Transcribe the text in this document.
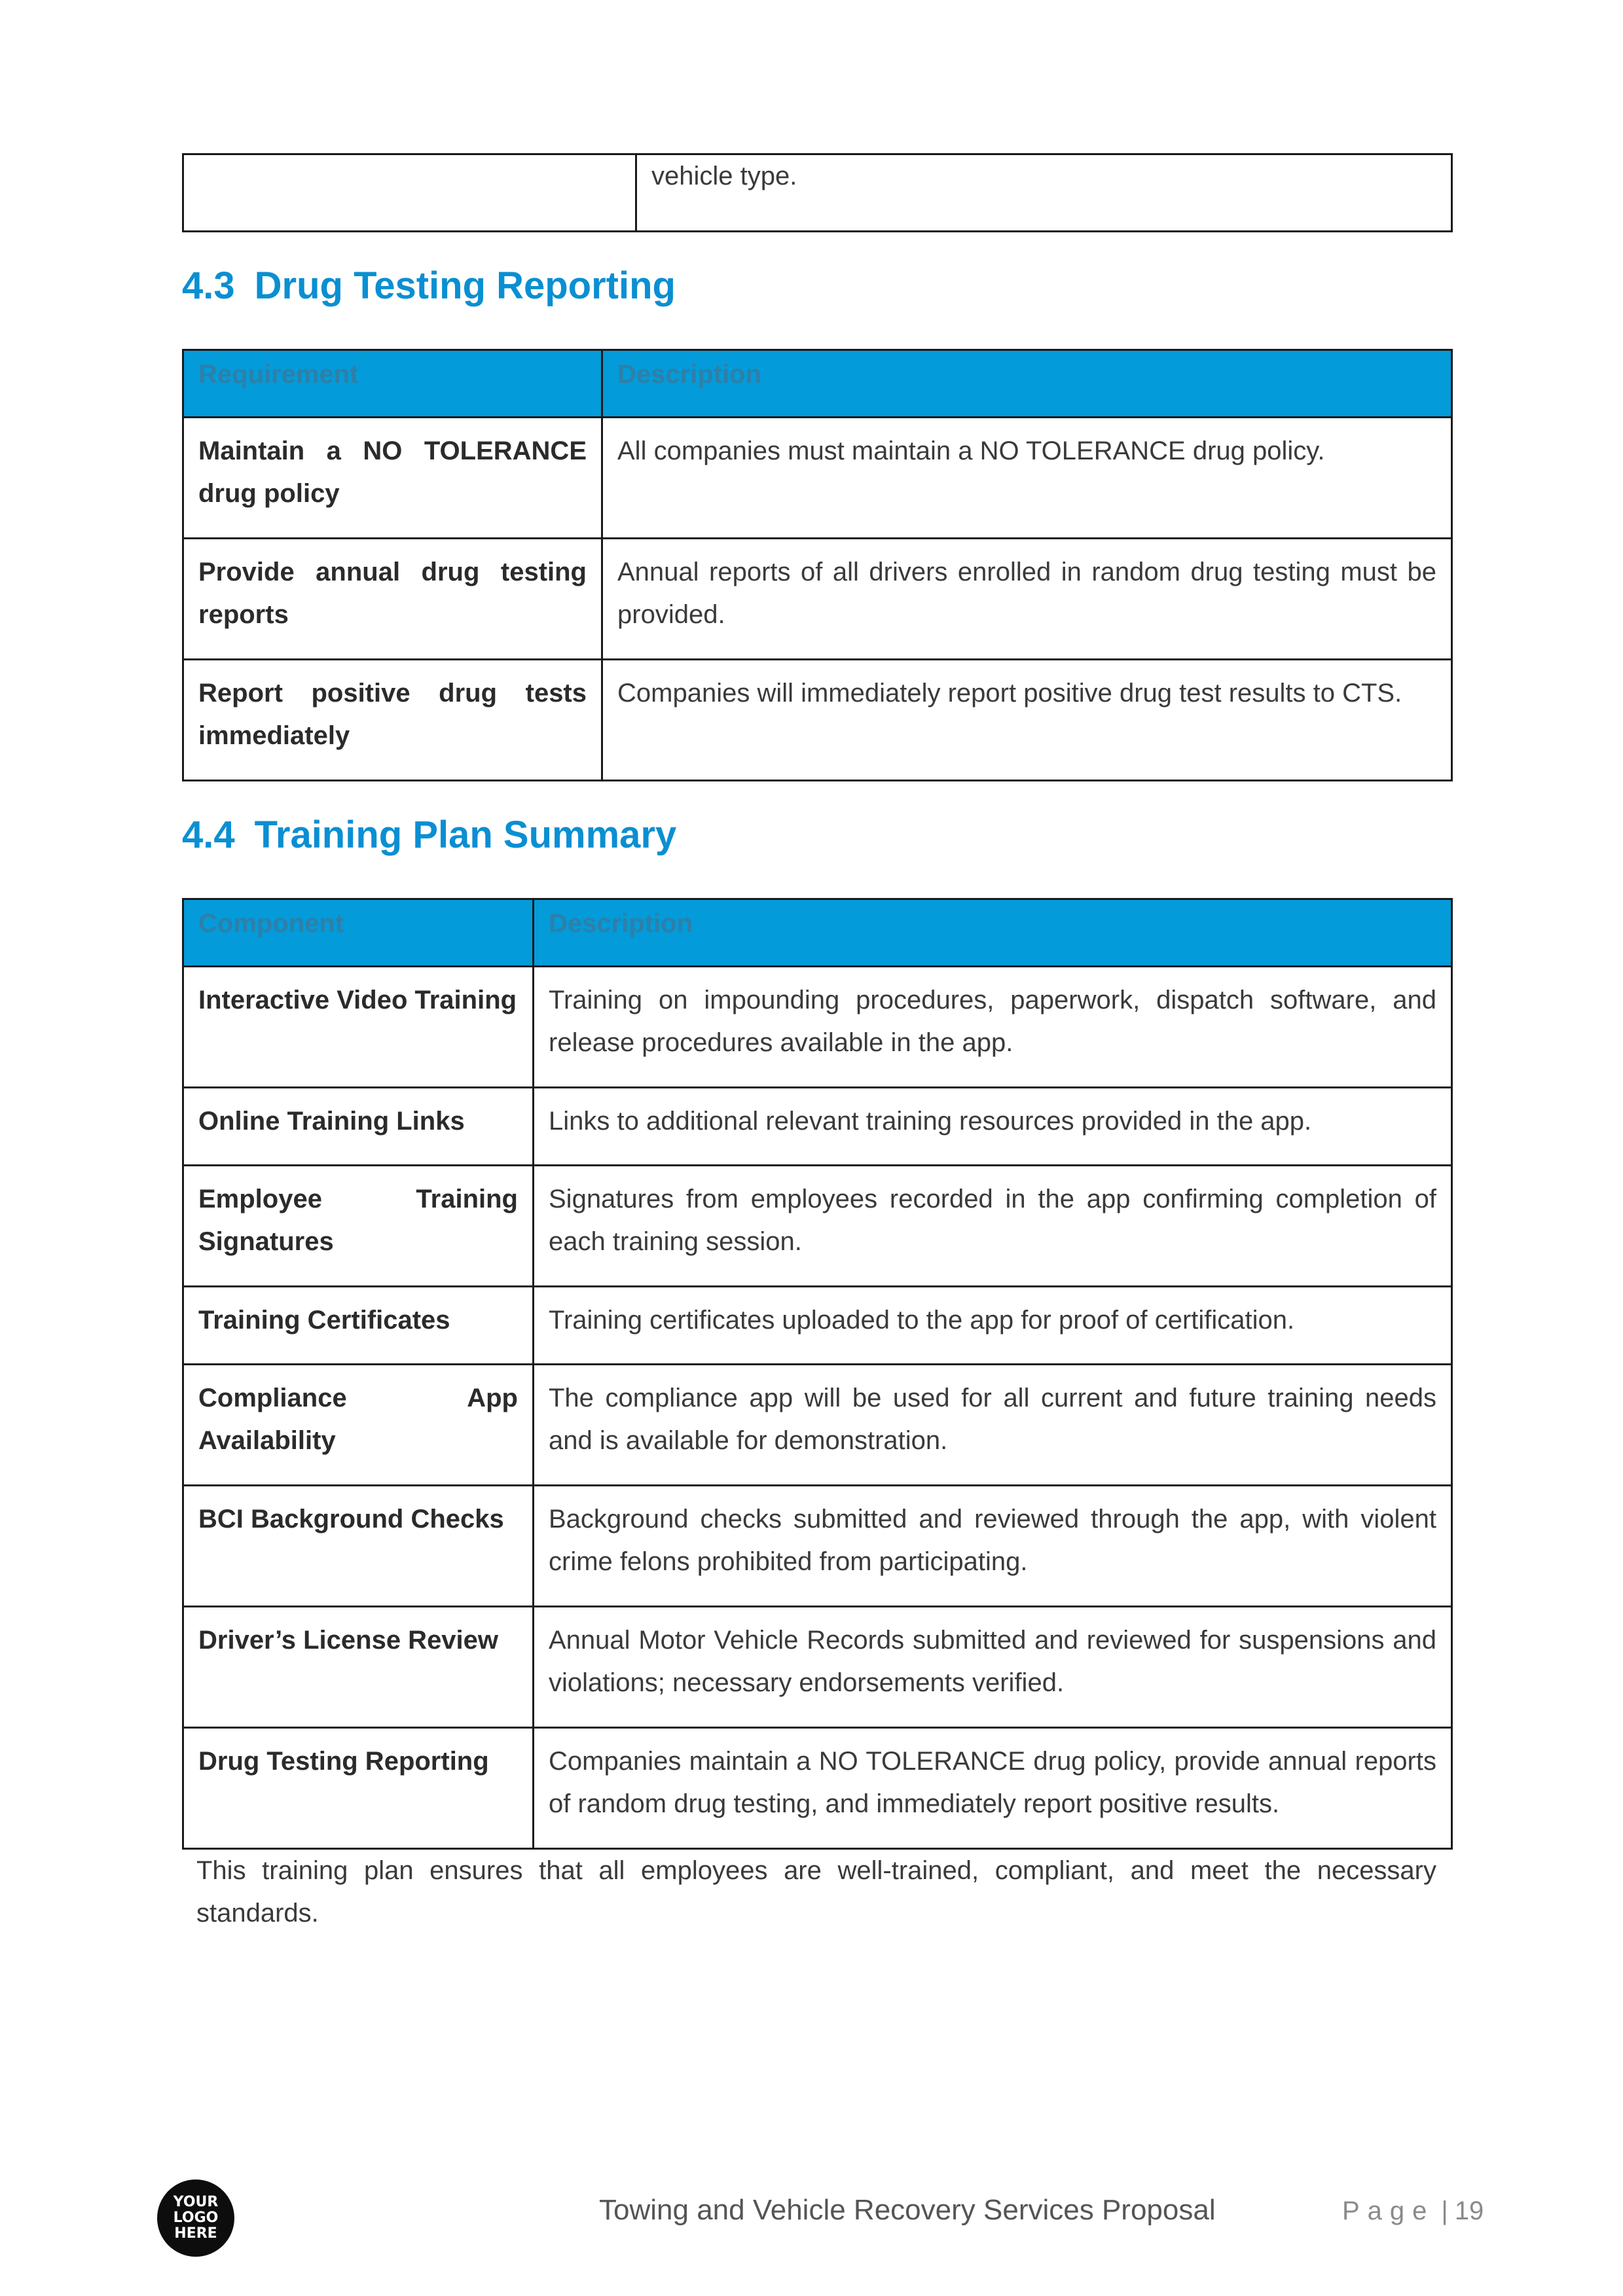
	vehicle type.
4.3 Drug Testing Reporting
Requirement	Description
Maintain a NO TOLERANCE drug policy	All companies must maintain a NO TOLERANCE drug policy.
Provide annual drug testing reports	Annual reports of all drivers enrolled in random drug testing must be provided.
Report positive drug tests immediately	Companies will immediately report positive drug test results to CTS.
4.4 Training Plan Summary
Component	Description
Interactive Video Training	Training on impounding procedures, paperwork, dispatch software, and release procedures available in the app.
Online Training Links	Links to additional relevant training resources provided in the app.
Employee Training Signatures	Signatures from employees recorded in the app confirming completion of each training session.
Training Certificates	Training certificates uploaded to the app for proof of certification.
Compliance App Availability	The compliance app will be used for all current and future training needs and is available for demonstration.
BCI Background Checks	Background checks submitted and reviewed through the app, with violent crime felons prohibited from participating.
Driver’s License Review	Annual Motor Vehicle Records submitted and reviewed for suspensions and violations; necessary endorsements verified.
Drug Testing Reporting	Companies maintain a NO TOLERANCE drug policy, provide annual reports of random drug testing, and immediately report positive results.

This training plan ensures that all employees are well-trained, compliant, and meet the necessary standards.

YOUR
LOGO
HERE
Towing and Vehicle Recovery Services Proposal	Page | 19
